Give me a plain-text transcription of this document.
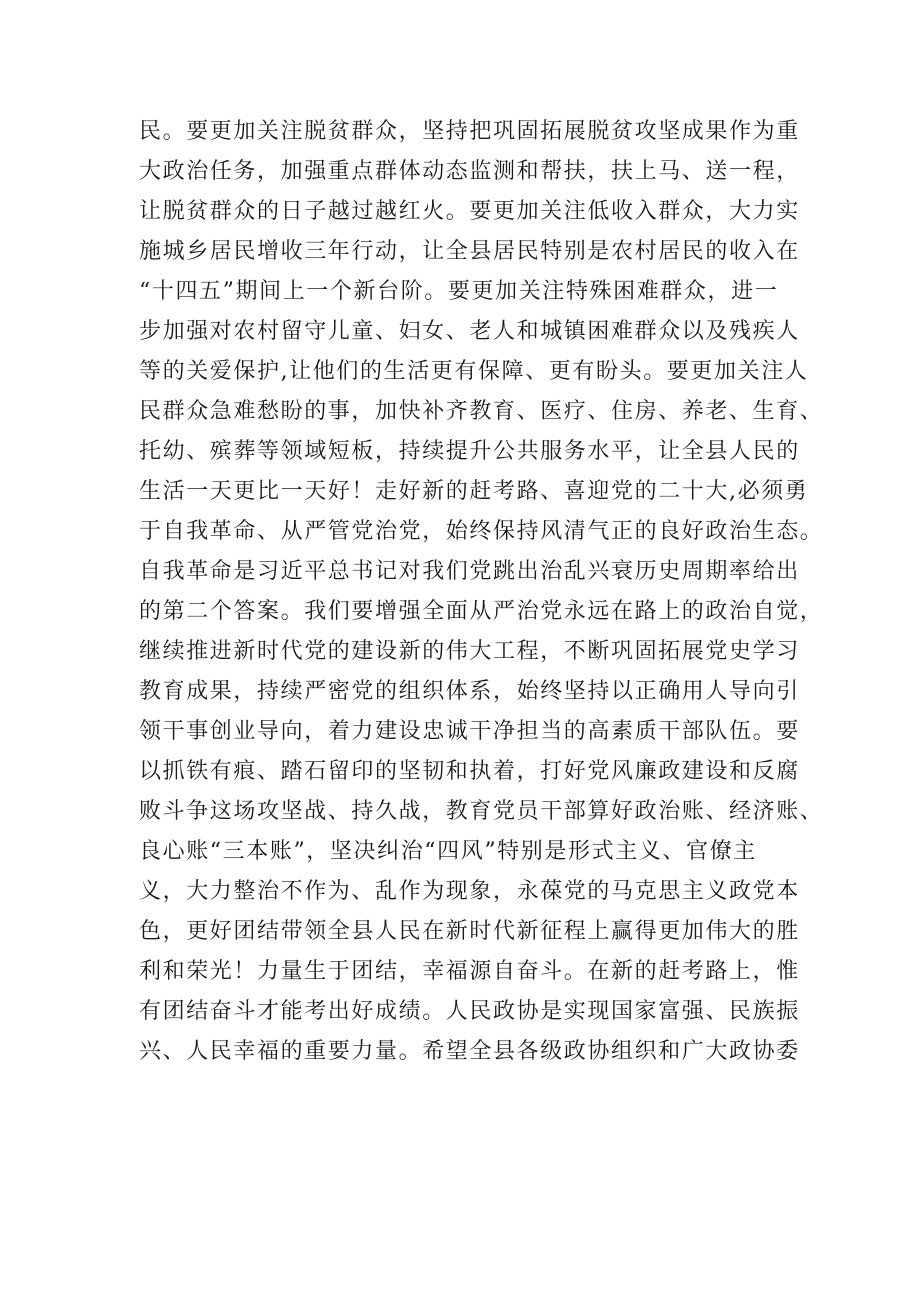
民。要更加关注脱贫群众，坚持把巩固拓展脱贫攻坚成果作为重
大政治任务，加强重点群体动态监测和帮扶，扶上马、送一程，
让脱贫群众的日子越过越红火。要更加关注低收入群众，大力实
施城乡居民增收三年行动，让全县居民特别是农村居民的收入在
“十四五”期间上一个新台阶。要更加关注特殊困难群众，进一
步加强对农村留守儿童、妇女、老人和城镇困难群众以及残疾人
等的关爱保护,让他们的生活更有保障、更有盼头。要更加关注人
民群众急难愁盼的事，加快补齐教育、医疗、住房、养老、生育、
托幼、殡葬等领域短板，持续提升公共服务水平，让全县人民的
生活一天更比一天好！走好新的赶考路、喜迎党的二十大,必须勇
于自我革命、从严管党治党，始终保持风清气正的良好政治生态。
自我革命是习近平总书记对我们党跳出治乱兴衰历史周期率给出
的第二个答案。我们要增强全面从严治党永远在路上的政治自觉，
继续推进新时代党的建设新的伟大工程，不断巩固拓展党史学习
教育成果，持续严密党的组织体系，始终坚持以正确用人导向引
领干事创业导向，着力建设忠诚干净担当的高素质干部队伍。要
以抓铁有痕、踏石留印的坚韧和执着，打好党风廉政建设和反腐
败斗争这场攻坚战、持久战，教育党员干部算好政治账、经济账、
良心账“三本账”，坚决纠治“四风”特别是形式主义、官僚主
义，大力整治不作为、乱作为现象，永葆党的马克思主义政党本
色，更好团结带领全县人民在新时代新征程上赢得更加伟大的胜
利和荣光！力量生于团结，幸福源自奋斗。在新的赶考路上，惟
有团结奋斗才能考出好成绩。人民政协是实现国家富强、民族振
兴、人民幸福的重要力量。希望全县各级政协组织和广大政协委
